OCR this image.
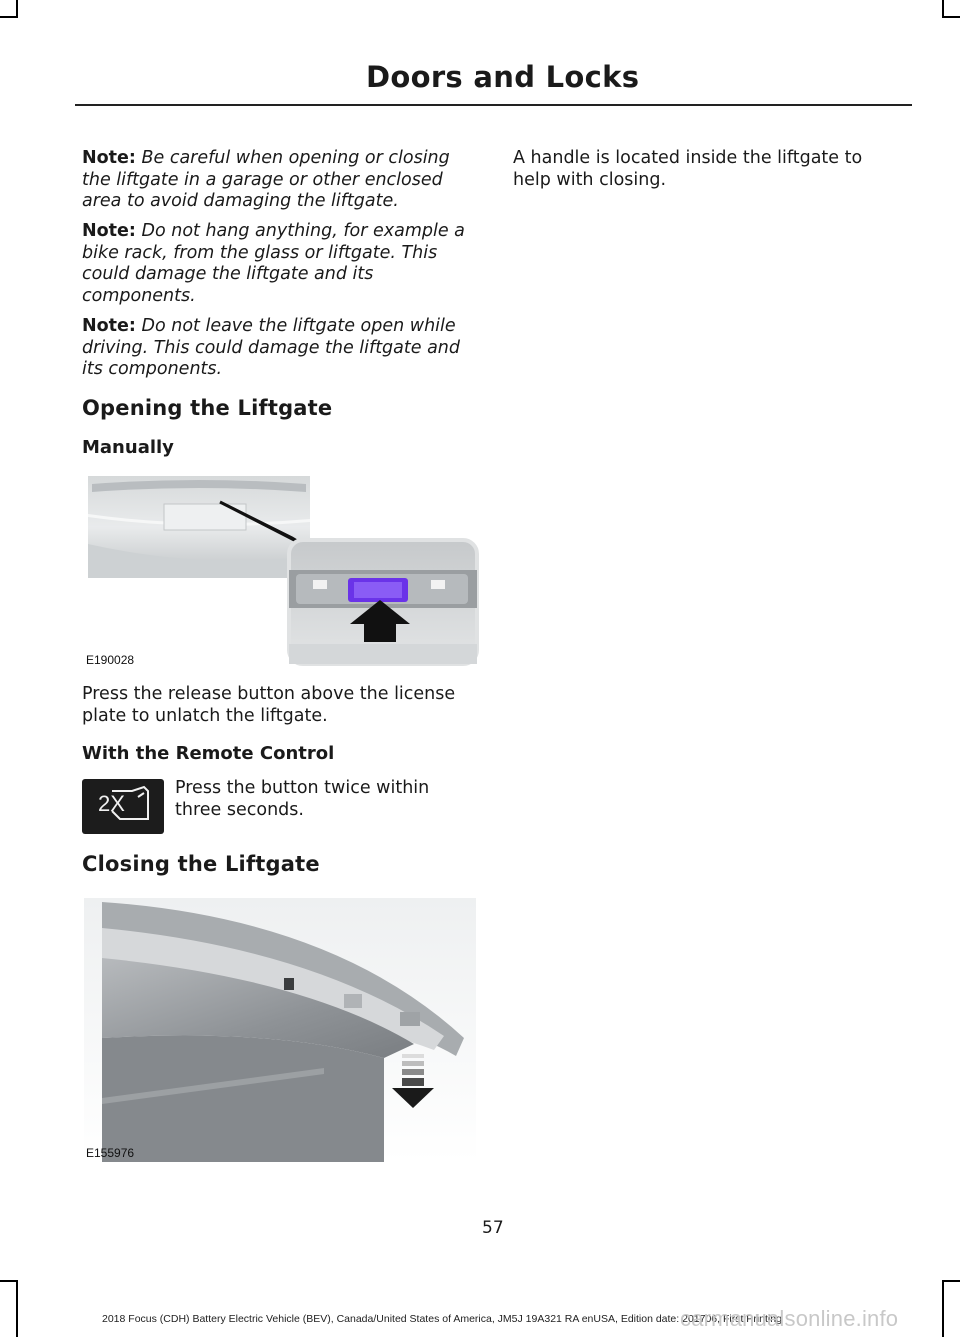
Doors and Locks
Note: Be careful when opening or closing the liftgate in a garage or other enclosed area to avoid damaging the liftgate.
Note: Do not hang anything, for example a bike rack, from the glass or liftgate. This could damage the liftgate and its components.
Note: Do not leave the liftgate open while driving. This could damage the liftgate and its components.
Opening the Liftgate
Manually
E190028
Press the release button above the license plate to unlatch the liftgate.
With the Remote Control
2X
Press the button twice within three seconds.
Closing the Liftgate
E155976
A handle is located inside the liftgate to help with closing.
57
2018 Focus (CDH) Battery Electric Vehicle (BEV), Canada/United States of America, JM5J 19A321 RA enUSA, Edition date: 201706, First Printing
carmanualsonline.info
